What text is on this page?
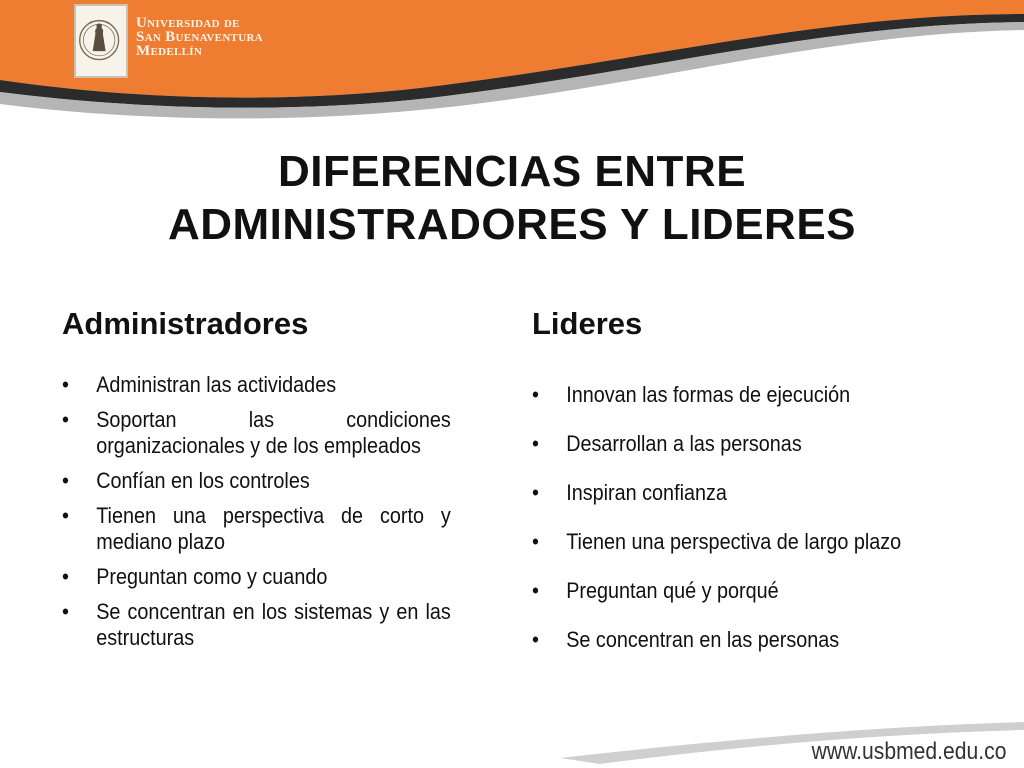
Universidad de
San Buenaventura
Medellín
DIFERENCIAS ENTRE
ADMINISTRADORES Y LIDERES
Administradores
• Administran las actividades
• Soportan las condiciones organizacionales y de los empleados
• Confían en los controles
• Tienen una perspectiva de corto y mediano plazo
• Preguntan como y cuando
• Se concentran en los sistemas y en las estructuras
Lideres
• Innovan las formas de ejecución
• Desarrollan a las personas
• Inspiran confianza
• Tienen una perspectiva de largo plazo
• Preguntan qué y porqué
• Se concentran en las personas
www.usbmed.edu.co
